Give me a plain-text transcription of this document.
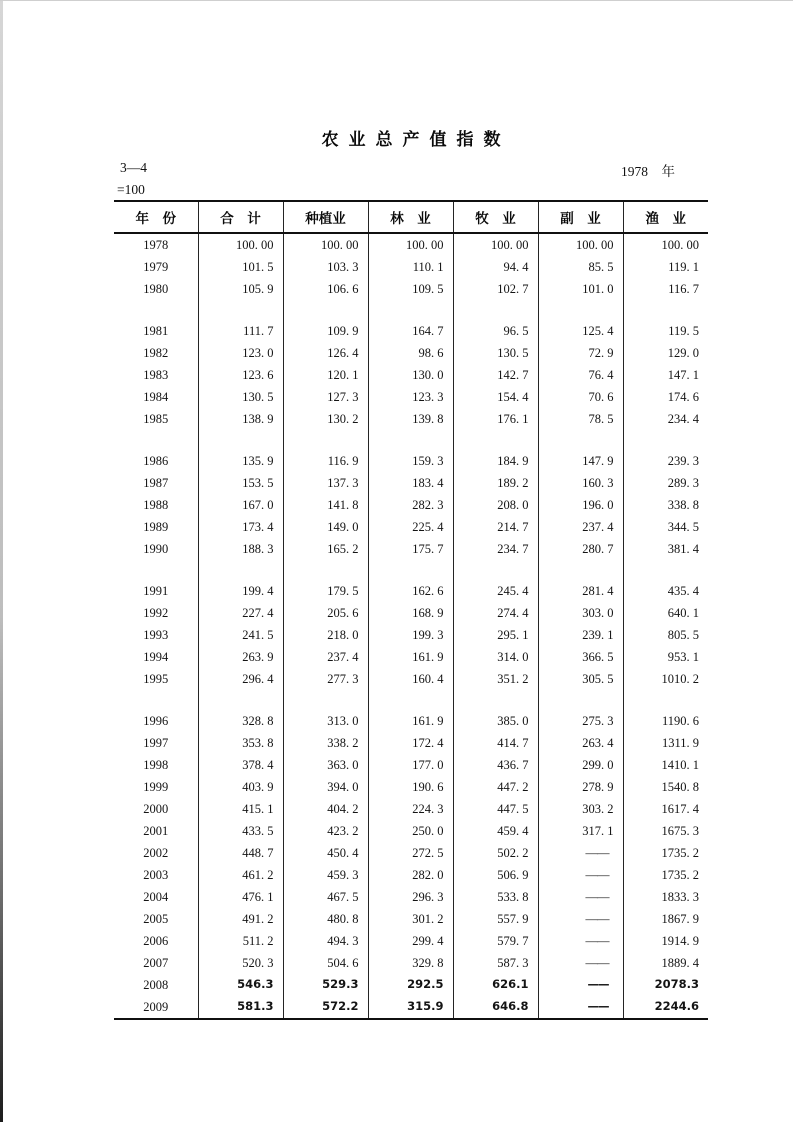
农业总产值指数
3—4	1978　年
=100
年　份	合　计	种植业	林　业	牧　业	副　业	渔　业
1978	100. 00	100. 00	100. 00	100. 00	100. 00	100. 00
1979	101. 5	103. 3	110. 1	94. 4	85. 5	119. 1
1980	105. 9	106. 6	109. 5	102. 7	101. 0	116. 7

1981	111. 7	109. 9	164. 7	96. 5	125. 4	119. 5
1982	123. 0	126. 4	98. 6	130. 5	72. 9	129. 0
1983	123. 6	120. 1	130. 0	142. 7	76. 4	147. 1
1984	130. 5	127. 3	123. 3	154. 4	70. 6	174. 6
1985	138. 9	130. 2	139. 8	176. 1	78. 5	234. 4

1986	135. 9	116. 9	159. 3	184. 9	147. 9	239. 3
1987	153. 5	137. 3	183. 4	189. 2	160. 3	289. 3
1988	167. 0	141. 8	282. 3	208. 0	196. 0	338. 8
1989	173. 4	149. 0	225. 4	214. 7	237. 4	344. 5
1990	188. 3	165. 2	175. 7	234. 7	280. 7	381. 4

1991	199. 4	179. 5	162. 6	245. 4	281. 4	435. 4
1992	227. 4	205. 6	168. 9	274. 4	303. 0	640. 1
1993	241. 5	218. 0	199. 3	295. 1	239. 1	805. 5
1994	263. 9	237. 4	161. 9	314. 0	366. 5	953. 1
1995	296. 4	277. 3	160. 4	351. 2	305. 5	1010. 2

1996	328. 8	313. 0	161. 9	385. 0	275. 3	1190. 6
1997	353. 8	338. 2	172. 4	414. 7	263. 4	1311. 9
1998	378. 4	363. 0	177. 0	436. 7	299. 0	1410. 1
1999	403. 9	394. 0	190. 6	447. 2	278. 9	1540. 8
2000	415. 1	404. 2	224. 3	447. 5	303. 2	1617. 4
2001	433. 5	423. 2	250. 0	459. 4	317. 1	1675. 3
2002	448. 7	450. 4	272. 5	502. 2	——	1735. 2
2003	461. 2	459. 3	282. 0	506. 9	——	1735. 2
2004	476. 1	467. 5	296. 3	533. 8	——	1833. 3
2005	491. 2	480. 8	301. 2	557. 9	——	1867. 9
2006	511. 2	494. 3	299. 4	579. 7	——	1914. 9
2007	520. 3	504. 6	329. 8	587. 3	——	1889. 4
2008	546.3	529.3	292.5	626.1	——	2078.3
2009	581.3	572.2	315.9	646.8	——	2244.6
